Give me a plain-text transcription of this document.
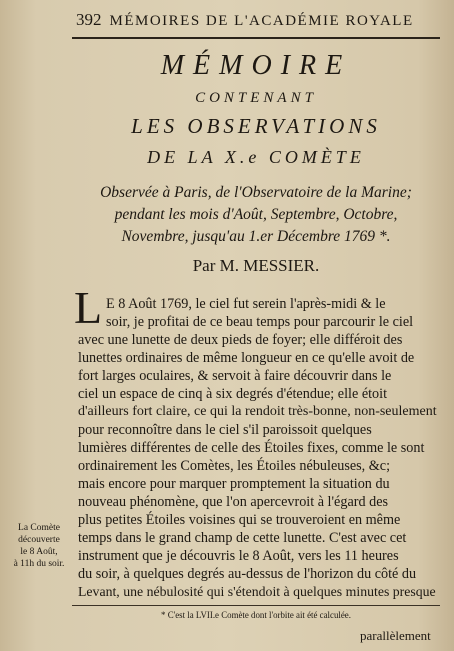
392 MÉMOIRES DE L'ACADÉMIE ROYALE
MÉMOIRE
CONTENANT
LES OBSERVATIONS
DE LA X.e COMÈTE
Observée à Paris, de l'Observatoire de la Marine;
pendant les mois d'Août, Septembre, Octobre,
Novembre, jusqu'au 1.er Décembre 1769 *.
Par M. MESSIER.
L E 8 Août 1769, le ciel fut serein l'après-midi & le
soir, je profitai de ce beau temps pour parcourir le ciel
avec une lunette de deux pieds de foyer; elle différoit des
lunettes ordinaires de même longueur en ce qu'elle avoit de
fort larges oculaires, & servoit à faire découvrir dans le
ciel un espace de cinq à six degrés d'étendue; elle étoit
d'ailleurs fort claire, ce qui la rendoit très-bonne, non-seulement
pour reconnoître dans le ciel s'il paroissoit quelques
lumières différentes de celle des Étoiles fixes, comme le sont
ordinairement les Comètes, les Étoiles nébuleuses, &c;
mais encore pour marquer promptement la situation du
nouveau phénomène, que l'on apercevroit à l'égard des
plus petites Étoiles voisines qui se trouveroient en même
temps dans le grand champ de cette lunette. C'est avec cet
instrument que je découvris le 8 Août, vers les 11 heures
du soir, à quelques degrés au-dessus de l'horizon du côté du
Levant, une nébulosité qui s'étendoit à quelques minutes presque
La Comète
découverte
le 8 Août,
à 11h du soir.
* C'est la LVII.e Comète dont l'orbite ait été calculée.
parallèlement
